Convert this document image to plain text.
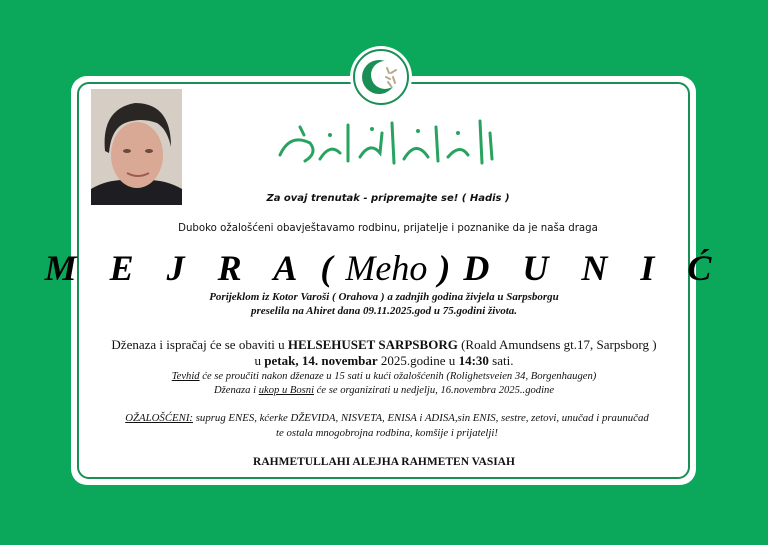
Za ovaj trenutak - pripremajte se! ( Hadis )
Duboko ožalošćeni obavještavamo rodbinu, prijatelje i poznanike da je naša draga
M E J R A ( Meho ) D U N I Ć
Porijeklom iz Kotor Varoši ( Orahova ) a zadnjih godina živjela u Sarpsborgu
preselila na Ahiret dana 09.11.2025.god u 75.godini života.
Dženaza i ispračaj će se obaviti u HELSEHUSET SARPSBORG (Roald Amundsens gt.17, Sarpsborg )
u petak, 14. novembar 2025.godine u 14:30 sati.
Tevhid će se proučiti nakon dženaze u 15 sati u kući ožalošćenih (Rolighetsveien 34, Borgenhaugen)
Dženaza i ukop u Bosni će se organizirati u nedjelju, 16.novembra 2025..godine
OŽALOŠĆENI: suprug ENES, kćerke DŽEVIDA, NISVETA, ENISA i ADISA,sin ENIS, sestre, zetovi, unučad i praunučad
te ostala mnogobrojna rodbina, komšije i prijatelji!
RAHMETULLAHI ALEJHA RAHMETEN VASIAH
